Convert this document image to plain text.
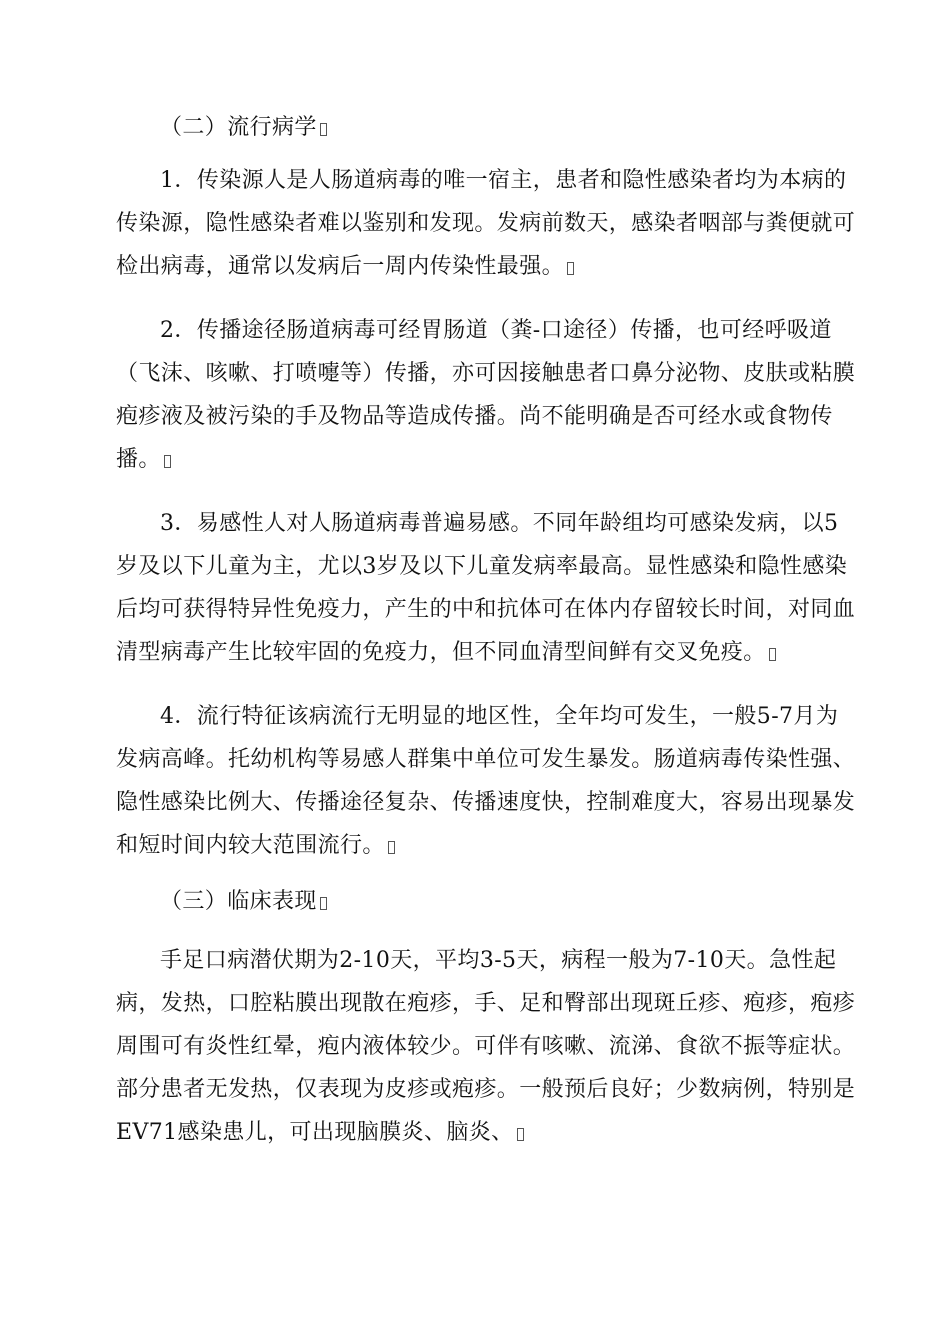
（二）流行病学

1．传染源人是人肠道病毒的唯一宿主，患者和隐性感染者均为本病的传染源，隐性感染者难以鉴别和发现。发病前数天，感染者咽部与粪便就可检出病毒，通常以发病后一周内传染性最强。

2．传播途径肠道病毒可经胃肠道（粪-口途径）传播，也可经呼吸道（飞沫、咳嗽、打喷嚏等）传播，亦可因接触患者口鼻分泌物、皮肤或粘膜疱疹液及被污染的手及物品等造成传播。尚不能明确是否可经水或食物传播。

3．易感性人对人肠道病毒普遍易感。不同年龄组均可感染发病，以5岁及以下儿童为主，尤以3岁及以下儿童发病率最高。显性感染和隐性感染后均可获得特异性免疫力，产生的中和抗体可在体内存留较长时间，对同血清型病毒产生比较牢固的免疫力，但不同血清型间鲜有交叉免疫。

4．流行特征该病流行无明显的地区性，全年均可发生，一般5-7月为发病高峰。托幼机构等易感人群集中单位可发生暴发。肠道病毒传染性强、隐性感染比例大、传播途径复杂、传播速度快，控制难度大，容易出现暴发和短时间内较大范围流行。

（三）临床表现

手足口病潜伏期为2-10天，平均3-5天，病程一般为7-10天。急性起病，发热，口腔粘膜出现散在疱疹，手、足和臀部出现斑丘疹、疱疹，疱疹周围可有炎性红晕，疱内液体较少。可伴有咳嗽、流涕、食欲不振等症状。部分患者无发热，仅表现为皮疹或疱疹。一般预后良好；少数病例，特别是EV71感染患儿，可出现脑膜炎、脑炎、
